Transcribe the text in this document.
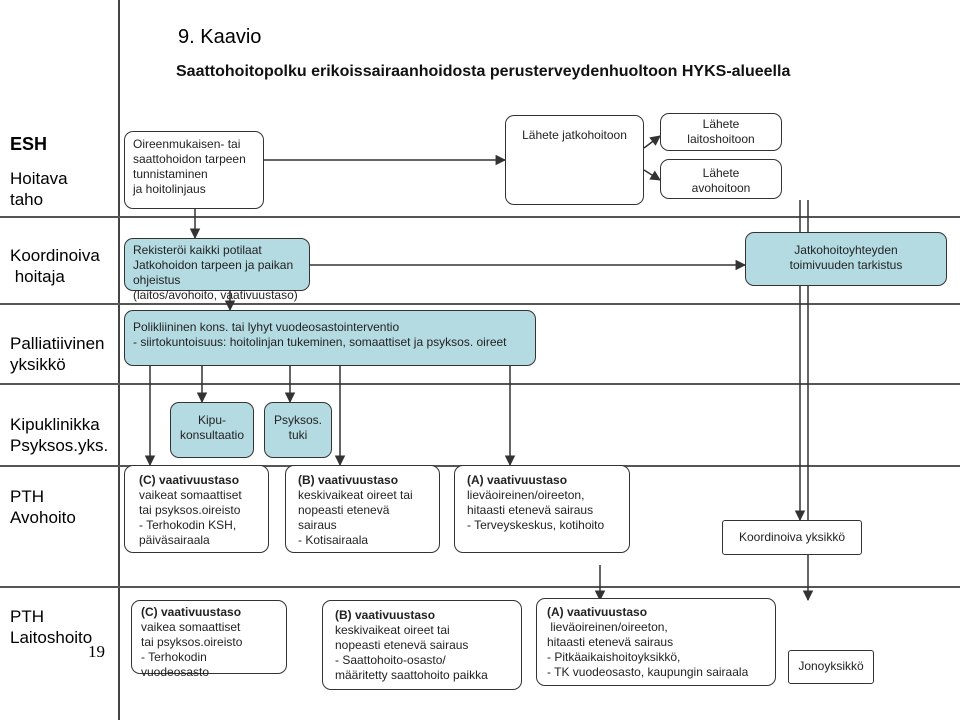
9. Kaavio
Saattohoitopolku erikoissairaanhoidosta perusterveydenhuoltoon HYKS-alueella
ESH
Hoitava
taho
Koordinoiva
hoitaja
Palliatiivinen
yksikkö
Kipuklinikka
Psyksos.yks.
PTH
Avohoito
PTH
Laitoshoito
19
Oireenmukaisen- tai
saattohoidon tarpeen
tunnistaminen
ja hoitolinjaus
Lähete jatkohoitoon
Lähete
laitoshoitoon
Lähete
avohoitoon
Rekisteröi kaikki potilaat
Jatkohoidon tarpeen ja paikan ohjeistus
(laitos/avohoito, vaativuustaso)
Jatkohoitoyhteyden
toimivuuden tarkistus
Polikliininen kons. tai lyhyt vuodeosastointerventio
- siirtokuntoisuus: hoitolinjan tukeminen, somaattiset ja psyksos. oireet
Kipu-
konsultaatio
Psyksos.
tuki
(C) vaativuustaso
vaikeat somaattiset
tai psyksos.oireisto
- Terhokodin KSH,
päiväsairaala
(B) vaativuustaso
keskivaikeat oireet tai
nopeasti etenevä
sairaus
- Kotisairaala
(A) vaativuustaso
lievä​oireinen/oireeton,
hitaasti etenevä sairaus
- Terveyskeskus, kotihoito
Koordinoiva yksikkö
(C) vaativuustaso
vaikea somaattiset
tai psyksos.oireisto
- Terhokodin vuodeosasto
(B) vaativuustaso
keskivaikeat oireet tai
nopeasti etenevä sairaus
- Saattohoito-osasto/
määritetty saattohoito paikka
(A) vaativuustaso
lieväoireinen/oireeton,
hitaasti etenevä sairaus
- Pitkäaikaishoitoyksikkö,
- TK vuodeosasto, kaupungin sairaala	Jonoyksikkö
